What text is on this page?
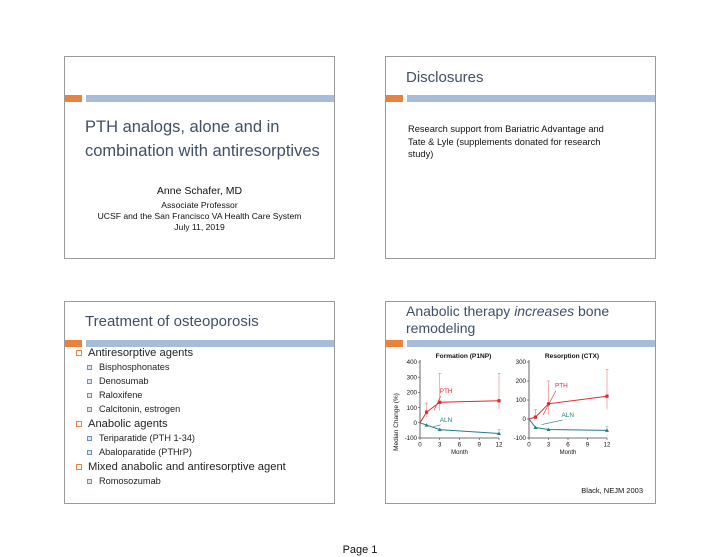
PTH analogs, alone and in
combination with antiresorptives
Anne Schafer, MD
Associate Professor
UCSF and the San Francisco VA Health Care System
July 11, 2019
Disclosures
Research support from Bariatric Advantage and
Tate & Lyle (supplements donated for research
study)
Treatment of osteoporosis
Antiresorptive agents
Bisphosphonates
Denosumab
Raloxifene
Calcitonin, estrogen
Anabolic agents
Teriparatide (PTH 1-34)
Abaloparatide (PTHrP)
Mixed anabolic and antiresorptive agent
Romosozumab
Anabolic therapy increases bone
remodeling
Median Change (%)
Formation (P1NP)
400
300
200
100
0
-100
0	3	6	9 12
Month
PTH
ALN
Resorption (CTX)
300
200
100
0
-100
0	3	6	9 12
Month
PTH
ALN
Black, NEJM 2003
Page 1
